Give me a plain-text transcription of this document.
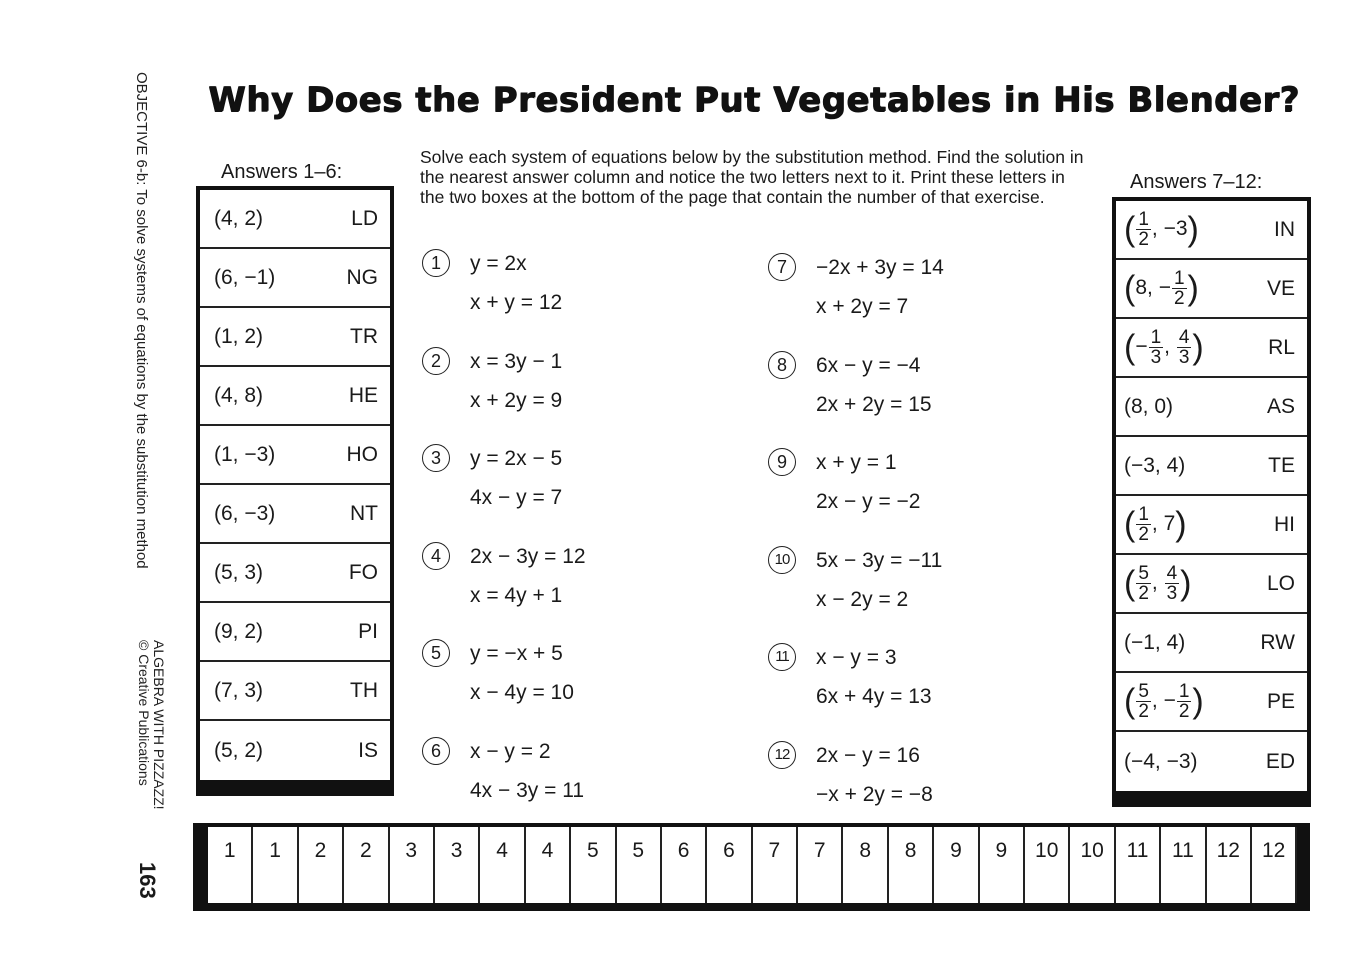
OBJECTIVE 6-b: To solve systems of equations by the substitution method
ALGEBRA WITH PIZZAZZ!
© Creative Publications
163
Why Does the President Put Vegetables in His Blender?
Answers 1–6:
(4, 2)	LD
(6, −1)	NG
(1, 2)	TR
(4, 8)	HE
(1, −3)	HO
(6, −3)	NT
(5, 3)	FO
(9, 2)	PI
(7, 3)	TH
(5, 2)	IS
Solve each system of equations below by the substitution method. Find the solution in the nearest answer column and notice the two letters next to it. Print these letters in the two boxes at the bottom of the page that contain the number of that exercise.
Answers 7–12:
( $\frac{1}{2}$ , −3)	IN
(8, − $\frac{1}{2}$ )	VE
(− $\frac{1}{3}$ , $\frac{4}{3}$ )	RL
(8, 0)	AS
(−3, 4)	TE
( $\frac{1}{2}$ , 7)	HI
( $\frac{5}{2}$ , $\frac{4}{3}$ )	LO
(−1, 4)	RW
( $\frac{5}{2}$ , − $\frac{1}{2}$ )	PE
(−4, −3)	ED
1	y = 2x
x + y = 12
2	x = 3y − 1
x + 2y = 9
3	y = 2x − 5
4x − y = 7
4	2x − 3y = 12
x = 4y + 1
5	y = −x + 5
x − 4y = 10
6	x − y = 2
4x − 3y = 11
7	−2x + 3y = 14
x + 2y = 7
8	6x − y = −4
2x + 2y = 15
9	x + y = 1
2x − y = −2
10	5x − 3y = −11
x − 2y = 2
11	x − y = 3
6x + 4y = 13
12	2x − y = 16
−x + 2y = −8
1	1	2	2	3	3	4	4	5	5	6	6	7	7	8	8	9	9	10	10	11	11	12	12
